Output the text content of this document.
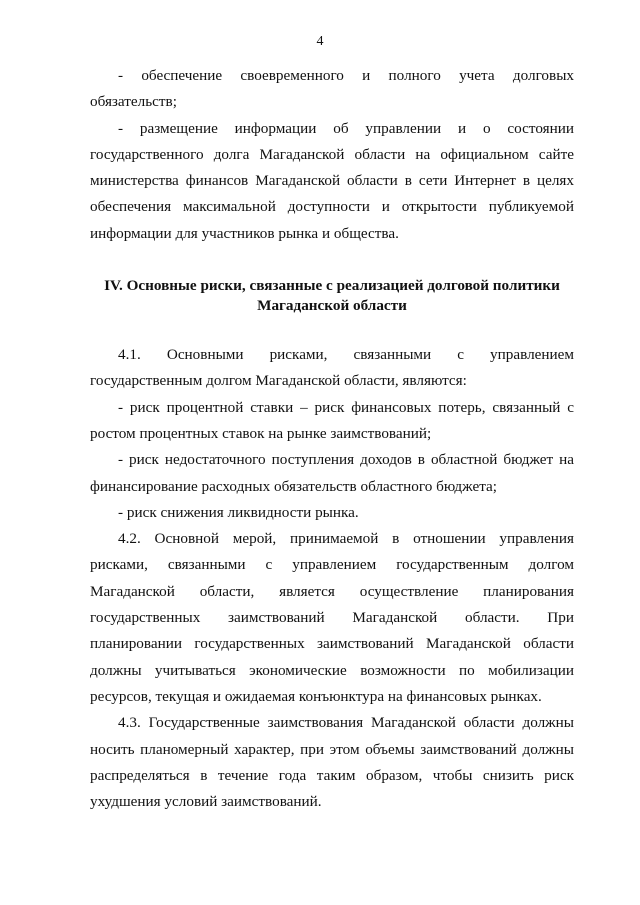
4

- обеспечение своевременного и полного учета долговых обязательств;

- размещение информации об управлении и о состоянии государственного долга Магаданской области на официальном сайте министерства финансов Магаданской области в сети Интернет в целях обеспечения максимальной доступности и открытости публикуемой информации для участников рынка и общества.

IV. Основные риски, связанные с реализацией долговой политики
Магаданской области

4.1. Основными рисками, связанными с управлением государственным долгом Магаданской области, являются:

- риск процентной ставки – риск финансовых потерь, связанный с ростом процентных ставок на рынке заимствований;

- риск недостаточного поступления доходов в областной бюджет на финансирование расходных обязательств областного бюджета;

- риск снижения ликвидности рынка.

4.2. Основной мерой, принимаемой в отношении управления рисками, связанными с управлением государственным долгом Магаданской области, является осуществление планирования государственных заимствований Магаданской области. При планировании государственных заимствований Магаданской области должны учитываться экономические возможности по мобилизации ресурсов, текущая и ожидаемая конъюнктура на финансовых рынках.

4.3. Государственные заимствования Магаданской области должны носить планомерный характер, при этом объемы заимствований должны распределяться в течение года таким образом, чтобы снизить риск ухудшения условий заимствований.
